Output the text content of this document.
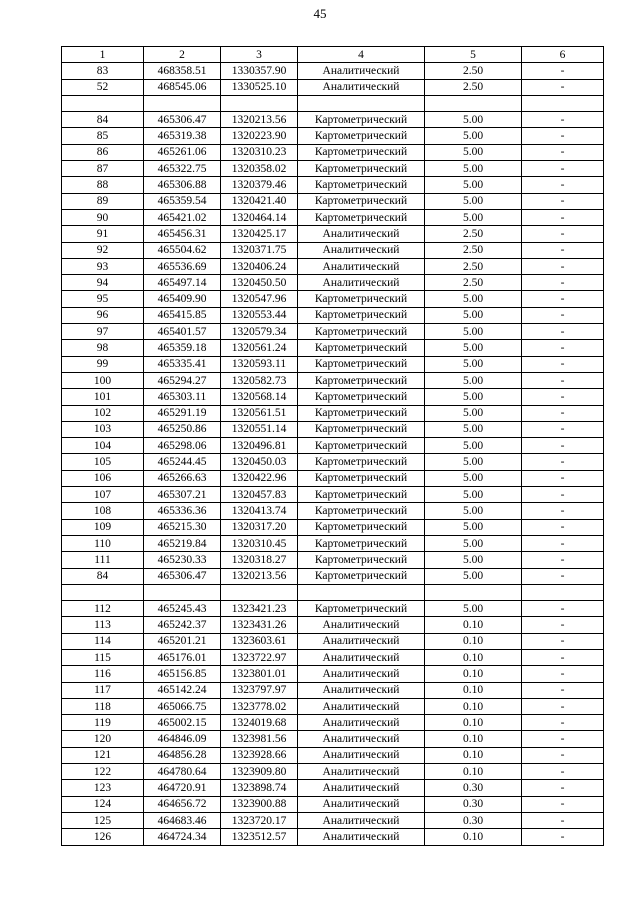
45
1	2	3	4	5	6
83	468358.51	1330357.90	Аналитический	2.50	-
52	468545.06	1330525.10	Аналитический	2.50	-

84	465306.47	1320213.56	Картометрический	5.00	-
85	465319.38	1320223.90	Картометрический	5.00	-
86	465261.06	1320310.23	Картометрический	5.00	-
87	465322.75	1320358.02	Картометрический	5.00	-
88	465306.88	1320379.46	Картометрический	5.00	-
89	465359.54	1320421.40	Картометрический	5.00	-
90	465421.02	1320464.14	Картометрический	5.00	-
91	465456.31	1320425.17	Аналитический	2.50	-
92	465504.62	1320371.75	Аналитический	2.50	-
93	465536.69	1320406.24	Аналитический	2.50	-
94	465497.14	1320450.50	Аналитический	2.50	-
95	465409.90	1320547.96	Картометрический	5.00	-
96	465415.85	1320553.44	Картометрический	5.00	-
97	465401.57	1320579.34	Картометрический	5.00	-
98	465359.18	1320561.24	Картометрический	5.00	-
99	465335.41	1320593.11	Картометрический	5.00	-
100	465294.27	1320582.73	Картометрический	5.00	-
101	465303.11	1320568.14	Картометрический	5.00	-
102	465291.19	1320561.51	Картометрический	5.00	-
103	465250.86	1320551.14	Картометрический	5.00	-
104	465298.06	1320496.81	Картометрический	5.00	-
105	465244.45	1320450.03	Картометрический	5.00	-
106	465266.63	1320422.96	Картометрический	5.00	-
107	465307.21	1320457.83	Картометрический	5.00	-
108	465336.36	1320413.74	Картометрический	5.00	-
109	465215.30	1320317.20	Картометрический	5.00	-
110	465219.84	1320310.45	Картометрический	5.00	-
111	465230.33	1320318.27	Картометрический	5.00	-
84	465306.47	1320213.56	Картометрический	5.00	-

112	465245.43	1323421.23	Картометрический	5.00	-
113	465242.37	1323431.26	Аналитический	0.10	-
114	465201.21	1323603.61	Аналитический	0.10	-
115	465176.01	1323722.97	Аналитический	0.10	-
116	465156.85	1323801.01	Аналитический	0.10	-
117	465142.24	1323797.97	Аналитический	0.10	-
118	465066.75	1323778.02	Аналитический	0.10	-
119	465002.15	1324019.68	Аналитический	0.10	-
120	464846.09	1323981.56	Аналитический	0.10	-
121	464856.28	1323928.66	Аналитический	0.10	-
122	464780.64	1323909.80	Аналитический	0.10	-
123	464720.91	1323898.74	Аналитический	0.30	-
124	464656.72	1323900.88	Аналитический	0.30	-
125	464683.46	1323720.17	Аналитический	0.30	-
126	464724.34	1323512.57	Аналитический	0.10	-
